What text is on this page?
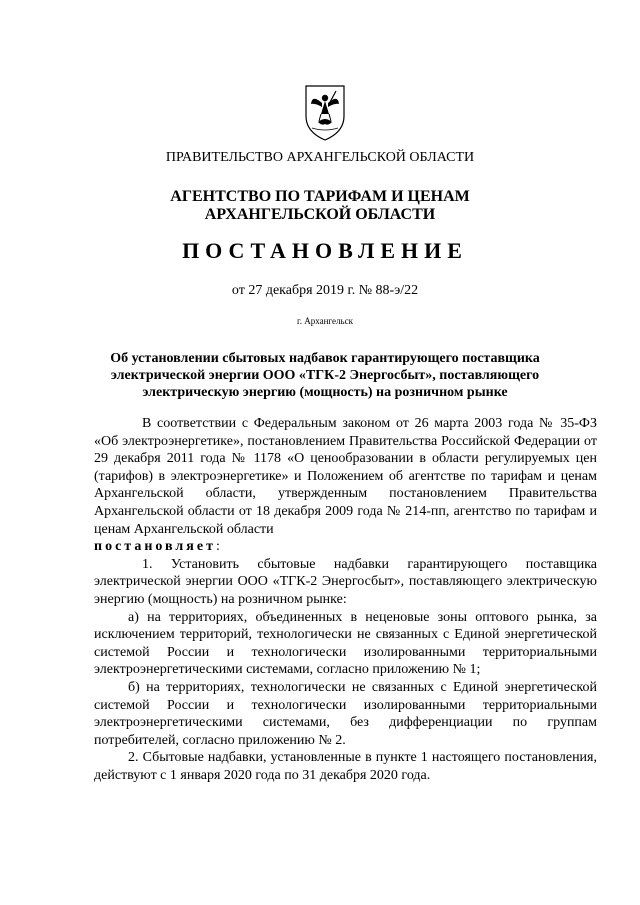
ПРАВИТЕЛЬСТВО АРХАНГЕЛЬСКОЙ ОБЛАСТИ
АГЕНТСТВО ПО ТАРИФАМ И ЦЕНАМ
АРХАНГЕЛЬСКОЙ ОБЛАСТИ
ПОСТАНОВЛЕНИЕ
от 27 декабря 2019 г. № 88-э/22
г. Архангельск
Об установлении сбытовых надбавок гарантирующего поставщика
электрической энергии ООО «ТГК-2 Энергосбыт», поставляющего
электрическую энергию (мощность) на розничном рынке

В соответствии с Федеральным законом от 26 марта 2003 года № 35-ФЗ «Об электроэнергетике», постановлением Правительства Российской Федерации от 29 декабря 2011 года № 1178 «О ценообразовании в области регулируемых цен (тарифов) в электроэнергетике» и Положением об агентстве по тарифам и ценам Архангельской области, утвержденным постановлением Правительства Архангельской области от 18 декабря 2009 года № 214-пп, агентство по тарифам и ценам Архангельской области
постановляет:

1. Установить сбытовые надбавки гарантирующего поставщика электрической энергии ООО «ТГК-2 Энергосбыт», поставляющего электрическую энергию (мощность) на розничном рынке:

а) на территориях, объединенных в неценовые зоны оптового рынка, за исключением территорий, технологически не связанных с Единой энергетической системой России и технологически изолированными территориальными электроэнергетическими системами, согласно приложению № 1;

б) на территориях, технологически не связанных с Единой энергетической системой России и технологически изолированными территориальными электроэнергетическими системами, без дифференциации по группам потребителей, согласно приложению № 2.

2. Сбытовые надбавки, установленные в пункте 1 настоящего постановления, действуют с 1 января 2020 года по 31 декабря 2020 года.
